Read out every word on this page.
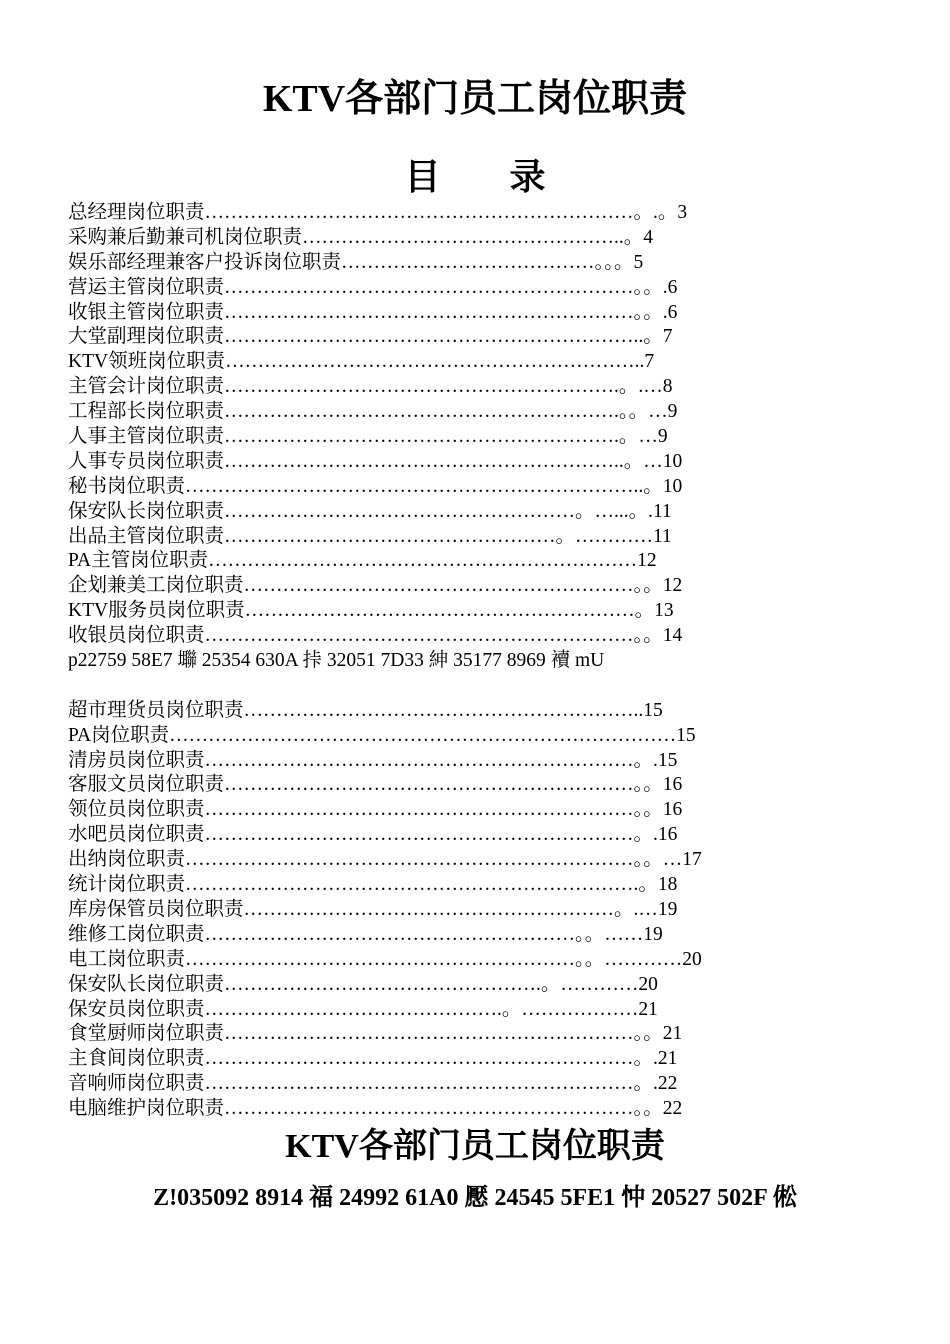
KTV各部门员工岗位职责
目 录
总经理岗位职责…………………………………………………………。.。3
采购兼后勤兼司机岗位职责…………………………………………..。4
娱乐部经理兼客户投诉岗位职责…………………………………。。。5
营运主管岗位职责………………………………………………………。。.6
收银主管岗位职责………………………………………………………。。.6
大堂副理岗位职责………………………………………………………..。7
KTV领班岗位职责………………………………………………………..7
主管会计岗位职责…………………………………………………….。.…8
工程部长岗位职责…………………………………………………….。。…9
人事主管岗位职责…………………………………………………….。…9
人事专员岗位职责……………………………………………………..。…10
秘书岗位职责……………………………………………………………..。10
保安队长岗位职责………………………………………………。…...。.11
出品主管岗位职责……………………………………………。…………11
PA主管岗位职责…………………………………………………………12
企划兼美工岗位职责……………………………………………………。。12
KTV服务员岗位职责……………………………………………………。13
收银员岗位职责…………………………………………………………。。14
p22759 58E7 壣 25354 630A 挊 32051 7D33 紳 35177 8969 襩 mU
超市理货员岗位职责……………………………………………………..15
PA岗位职责……………………………………………………………………15
清房员岗位职责…………………………………………………………。.15
客服文员岗位职责………………………………………………………。。16
领位员岗位职责…………………………………………………………。。16
水吧员岗位职责…………………………………………………………。.16
出纳岗位职责……………………………………………………………。。…17
统计岗位职责…………………………………………………………….。18
库房保管员岗位职责…………………………………………………。.…19
维修工岗位职责…………………………………………………。。……19
电工岗位职责……………………………………………………。。…………20
保安队长岗位职责………………………………………….。…………20
保安员岗位职责……………………………………….。………………21
食堂厨师岗位职责………………………………………………………。。21
主食间岗位职责…………………………………………………………。.21
音响师岗位职责…………………………………………………………。.22
电脑维护岗位职责………………………………………………………。。22
KTV各部门员工岗位职责
Z!035092 8914 福 24992 61A0 懕 24545 5FE1 忡 20527 502F 倯
